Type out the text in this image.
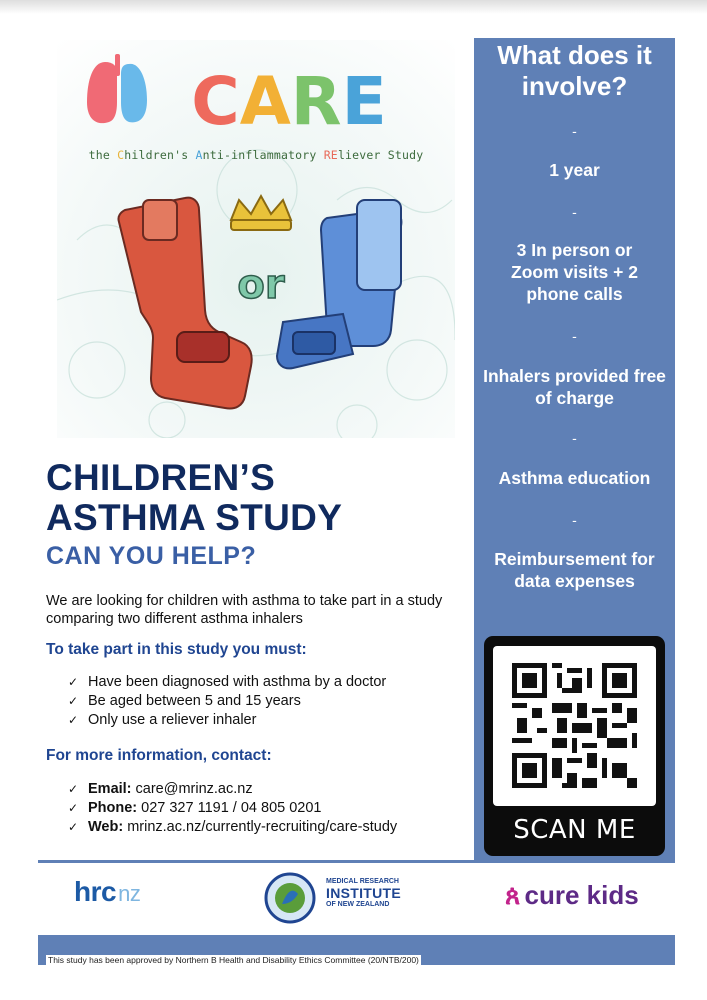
CARE
or
the Children's Anti-inflammatory REliever Study
CHILDREN’S
ASTHMA STUDY
CAN YOU HELP?

We are looking for children with asthma to take part in a study comparing two different asthma inhalers

To take part in this study you must:
✓ Have been diagnosed with asthma by a doctor
✓ Be aged between 5 and 15 years
✓ Only use a reliever inhaler
For more information, contact:
✓ Email: care@mrinz.ac.nz
✓ Phone: 027 327 1191 / 04 805 0201
✓ Web: mrinz.ac.nz/currently-recruiting/care-study
What does it involve?
-
1 year
-
3 In person or Zoom visits + 2 phone calls
-
Inhalers provided free of charge
-
Asthma education
-
Reimbursement for data expenses
SCAN ME
hrcnz	MEDICAL RESEARCH
INSTITUTE
OF NEW ZEALAND	ጰ cure kids
This study has been approved by Northern B Health and Disability Ethics Committee (20/NTB/200)
